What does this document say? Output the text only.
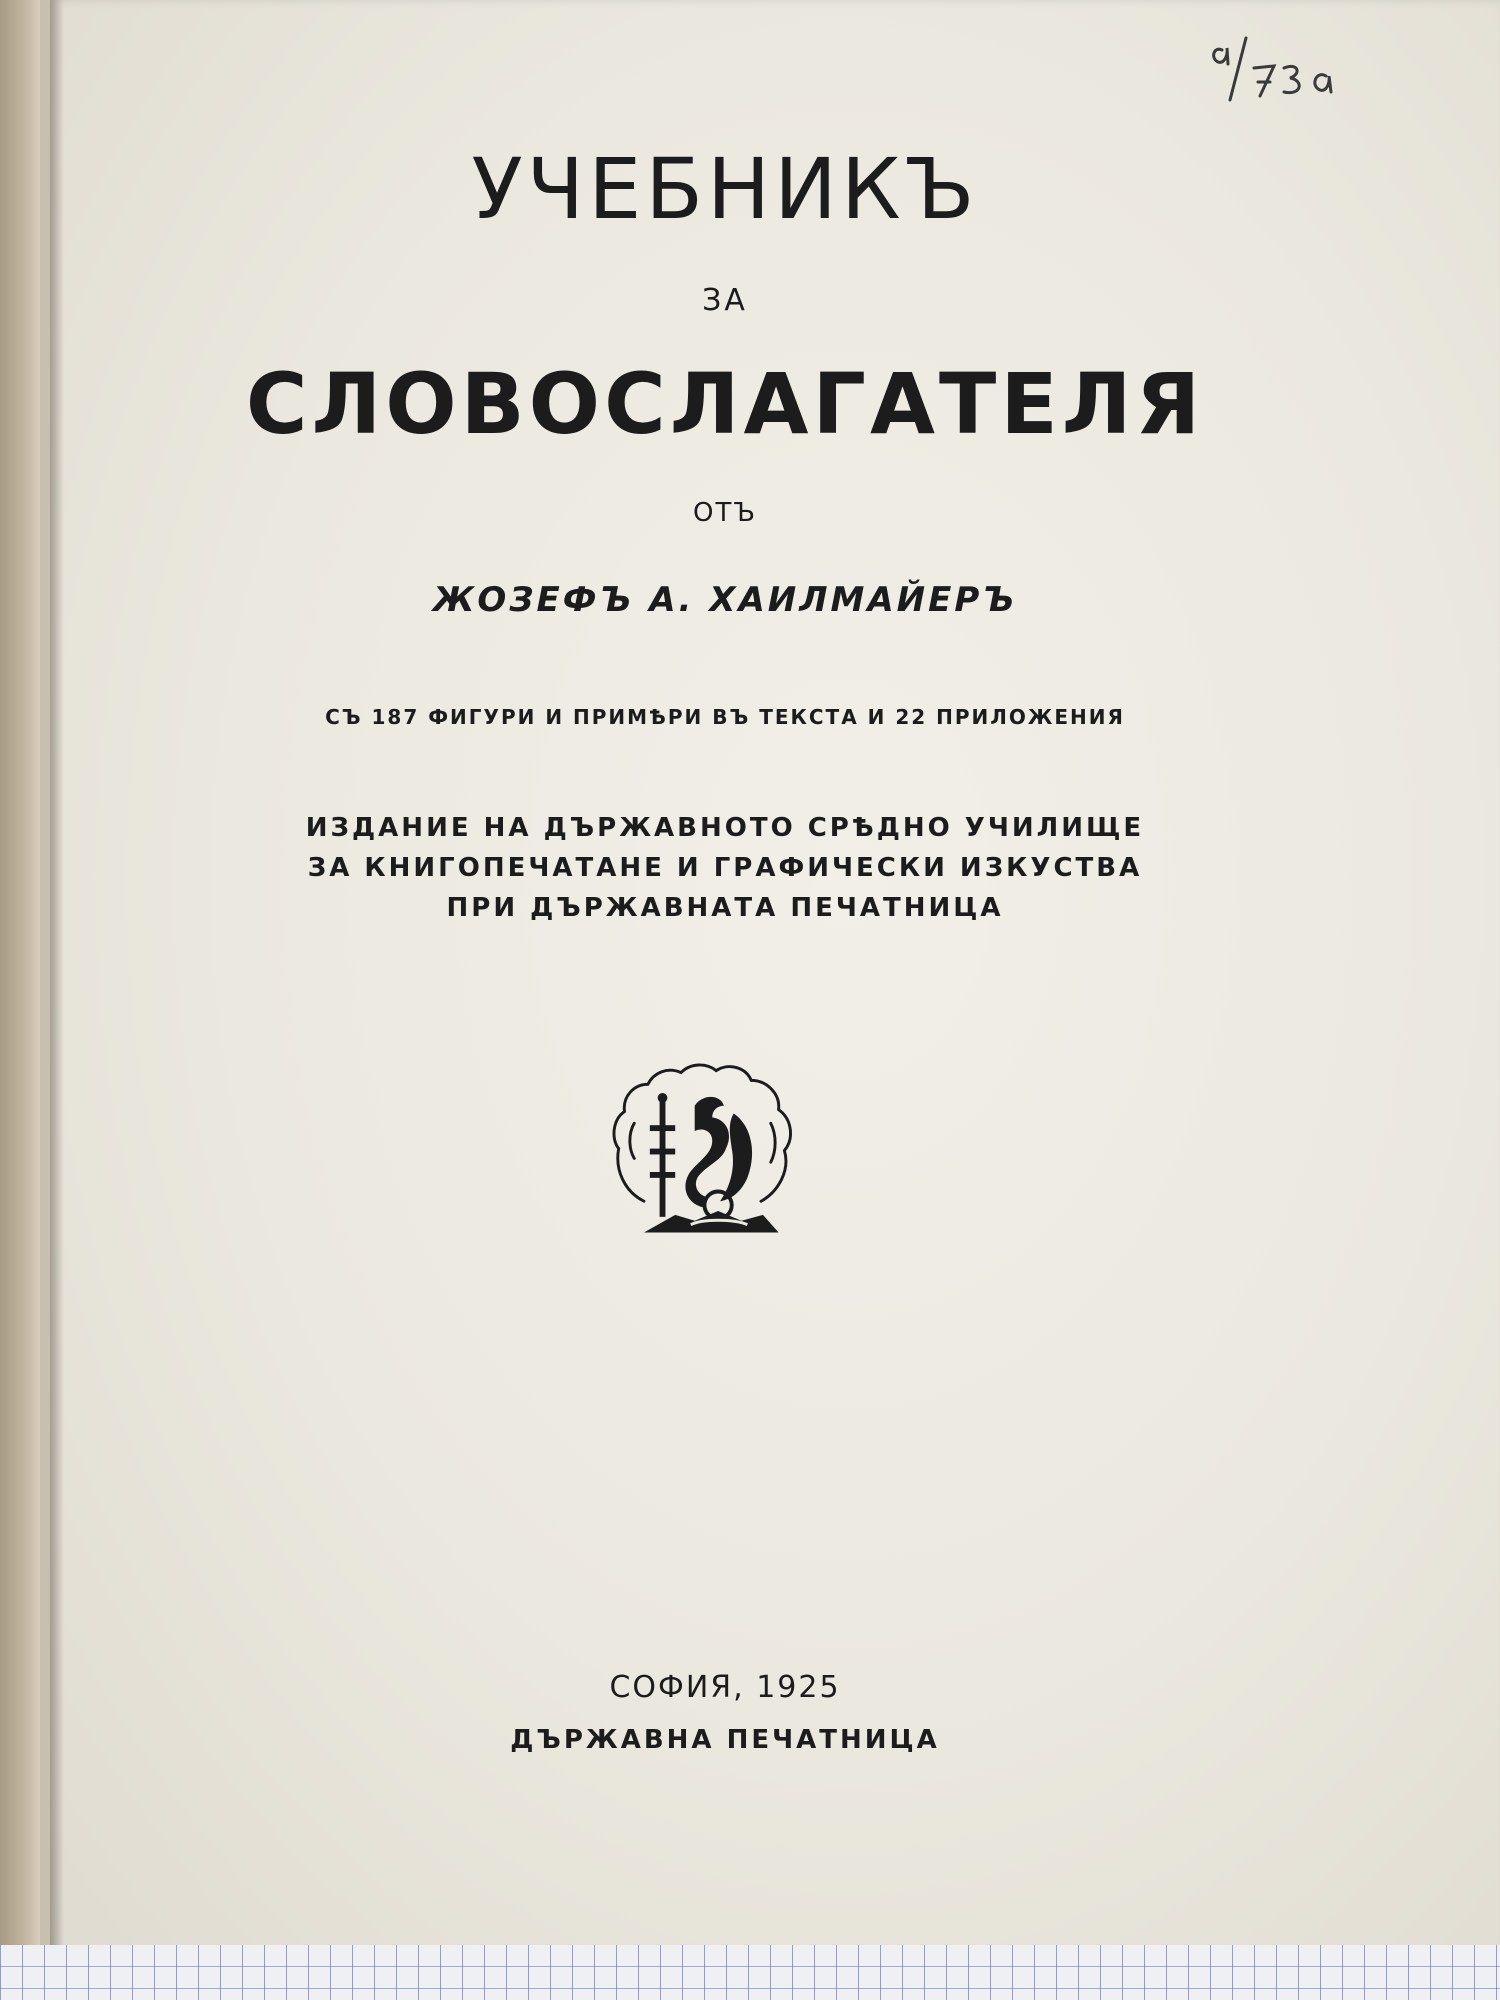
УЧЕБНИКЪ
ЗА
СЛОВОСЛАГАТЕЛЯ
ОТЪ
ЖОЗЕФЪ А. ХАИЛМАЙЕРЪ
СЪ 187 ФИГУРИ И ПРИМѢРИ ВЪ ТЕКСТА И 22 ПРИЛОЖЕНИЯ
ИЗДАНИЕ НА ДЪРЖАВНОТО СРѢДНО УЧИЛИЩЕ
ЗА КНИГОПЕЧАТАНЕ И ГРАФИЧЕСКИ ИЗКУСТВА
ПРИ ДЪРЖАВНАТА ПЕЧАТНИЦА
СОФИЯ, 1925
ДЪРЖАВНА ПЕЧАТНИЦА
